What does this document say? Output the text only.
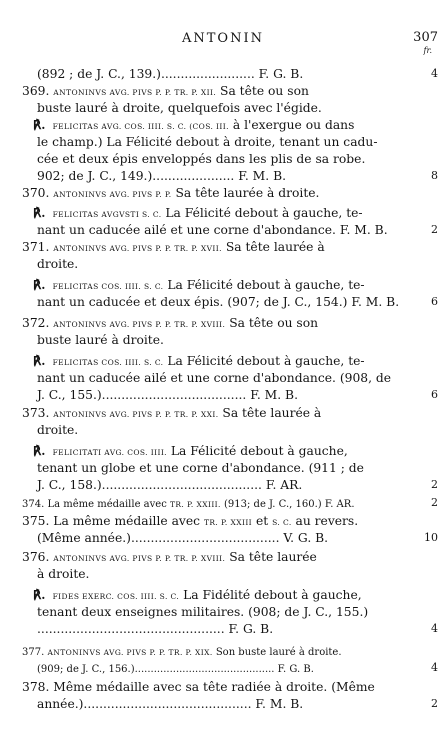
ANTONIN	307
fr.
(892 ; de J. C., 139.)........................ F. G. B.	4
369. ANTONINVS AVG. PIVS P. P. TR. P. XII. Sa tête ou son
buste lauré à droite, quelquefois avec l'égide.
℟. FELICITAS AVG. COS. IIII. S. C. (COS. III. à l'exergue ou dans
le champ.) La Félicité debout à droite, tenant un cadu-
cée et deux épis enveloppés dans les plis de sa robe.
902; de J. C., 149.)..................... F. M. B.	8
370. ANTONINVS AVG. PIVS P. P. Sa tête laurée à droite.
℟. FELICITAS AVGVSTI S. C. La Félicité debout à gauche, te-
nant un caducée ailé et une corne d'abondance. F. M. B.	2
371. ANTONINVS AVG. PIVS P. P. TR. P. XVII. Sa tête laurée à
droite.
℟. FELICITAS COS. IIII. S. C. La Félicité debout à gauche, te-
nant un caducée et deux épis. (907; de J. C., 154.) F. M. B.	6
372. ANTONINVS AVG. PIVS P. P. TR. P. XVIII. Sa tête ou son
buste lauré à droite.
℟. FELICITAS COS. IIII. S. C. La Félicité debout à gauche, te-
nant un caducée ailé et une corne d'abondance. (908, de
J. C., 155.)..................................... F. M. B.	6
373. ANTONINVS AVG. PIVS P. P. TR. P. XXI. Sa tête laurée à
droite.
℟. FELICITATI AVG. COS. IIII. La Félicité debout à gauche,
tenant un globe et une corne d'abondance. (911 ; de
J. C., 158.)......................................... F. AR.	2
374. La même médaille avec TR. P. XXIII. (913; de J. C., 160.) F. AR.	2
375. La même médaille avec TR. P. XXIII et S. C. au revers.
(Même année.)...................................... V. G. B.	10
376. ANTONINVS AVG. PIVS P. P. TR. P. XVIII. Sa tête laurée
à droite.
℟. FIDES EXERC. COS. IIII. S. C. La Fidélité debout à gauche,
tenant deux enseignes militaires. (908; de J. C., 155.)
................................................ F. G. B.	4
377. ANTONINVS AVG. PIVS P. P. TR. P. XIX. Son buste lauré à droite.
(909; de J. C., 156.)............................................ F. G. B.	4
378. Même médaille avec sa tête radiée à droite. (Même
année.)........................................... F. M. B.	2
